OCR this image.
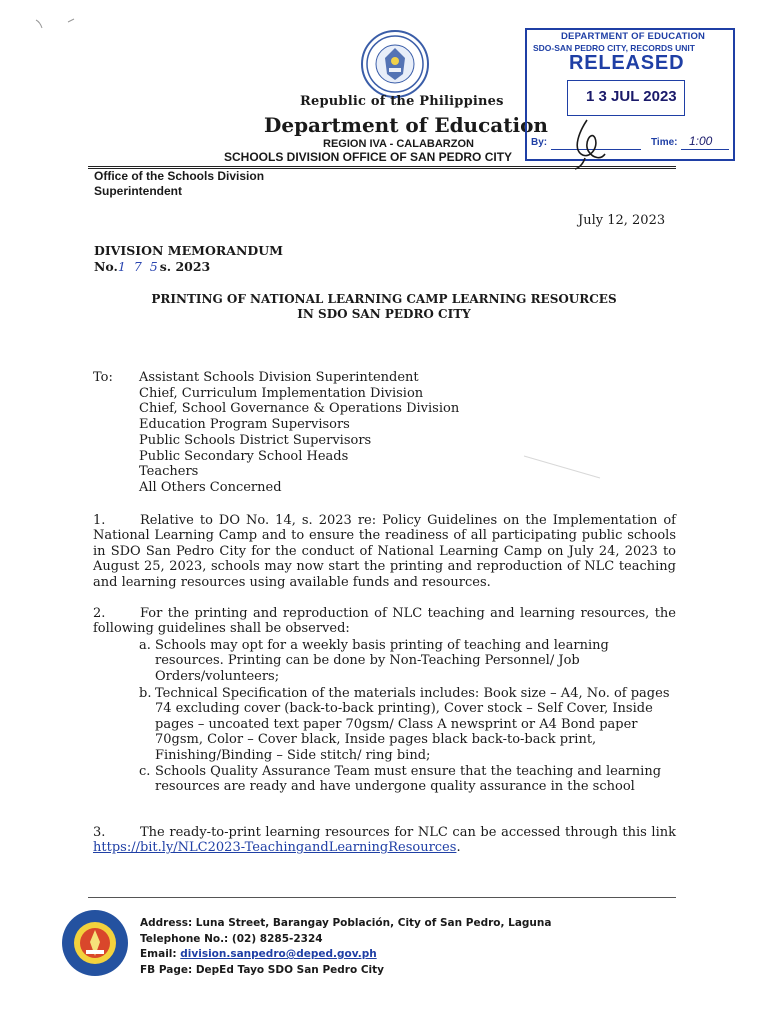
Republic of the Philippines
Department of Education
REGION IVA - CALABARZON
SCHOOLS DIVISION OFFICE OF SAN PEDRO CITY
Office of the Schools Division
Superintendent
DEPARTMENT OF EDUCATION
SDO-SAN PEDRO CITY, RECORDS UNIT
RELEASED
1 3 JUL 2023
By:	Time: 1:00
July 12, 2023
DIVISION MEMORANDUM
No.1 7 5s. 2023
PRINTING OF NATIONAL LEARNING CAMP LEARNING RESOURCES
IN SDO SAN PEDRO CITY
To: Assistant Schools Division Superintendent
Chief, Curriculum Implementation Division
Chief, School Governance & Operations Division
Education Program Supervisors
Public Schools District Supervisors
Public Secondary School Heads
Teachers
All Others Concerned
1.	Relative to DO No. 14, s. 2023 re: Policy Guidelines on the Implementation of National Learning Camp and to ensure the readiness of all participating public schools in SDO San Pedro City for the conduct of National Learning Camp on July 24, 2023 to August 25, 2023, schools may now start the printing and reproduction of NLC teaching and learning resources using available funds and resources.
2.	For the printing and reproduction of NLC teaching and learning resources, the following guidelines shall be observed:
a. Schools may opt for a weekly basis printing of teaching and learning resources. Printing can be done by Non-Teaching Personnel/ Job Orders/volunteers;
b. Technical Specification of the materials includes: Book size – A4, No. of pages 74 excluding cover (back-to-back printing), Cover stock – Self Cover, Inside pages – uncoated text paper 70gsm/ Class A newsprint or A4 Bond paper 70gsm, Color – Cover black, Inside pages black back-to-back print, Finishing/Binding – Side stitch/ ring bind;
c. Schools Quality Assurance Team must ensure that the teaching and learning resources are ready and have undergone quality assurance in the school
3.	The ready-to-print learning resources for NLC can be accessed through this link https://bit.ly/NLC2023-TeachingandLearningResources.
Address: Luna Street, Barangay Población, City of San Pedro, Laguna
Telephone No.: (02) 8285-2324
Email: division.sanpedro@deped.gov.ph
FB Page: DepEd Tayo SDO San Pedro City
